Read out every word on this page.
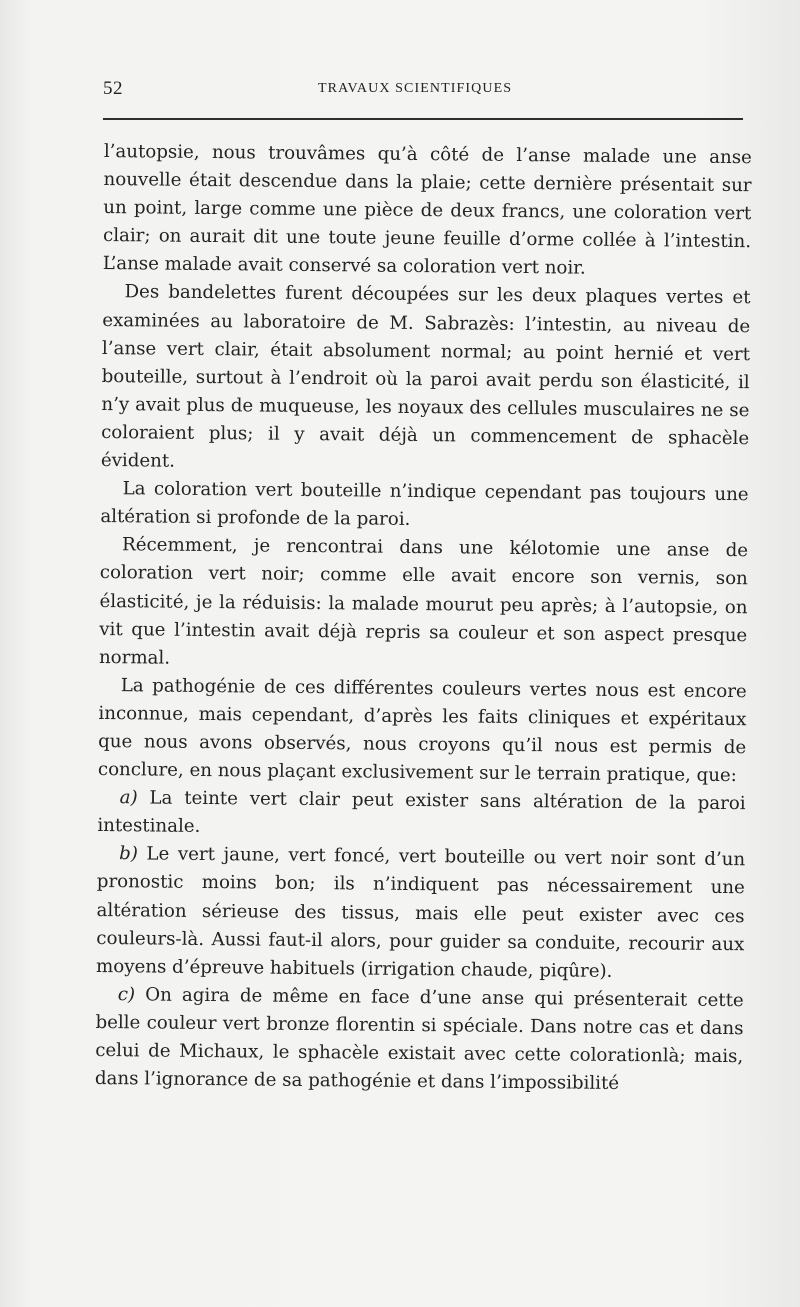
52	TRAVAUX SCIENTIFIQUES

l’autopsie, nous trouvâmes qu’à côté de l’anse malade une anse nouvelle était descendue dans la plaie; cette dernière présentait sur un point, large comme une pièce de deux francs, une coloration vert clair; on aurait dit une toute jeune feuille d’orme collée à l’intestin. L’anse malade avait conservé sa coloration vert noir.

Des bandelettes furent découpées sur les deux plaques vertes et examinées au laboratoire de M. Sabrazès: l’intestin, au niveau de l’anse vert clair, était absolument normal; au point hernié et vert bouteille, surtout à l’endroit où la paroi avait perdu son élasticité, il n’y avait plus de muqueuse, les noyaux des cellules musculaires ne se coloraient plus; il y avait déjà un commencement de sphacèle évident.

La coloration vert bouteille n’indique cependant pas toujours une altération si profonde de la paroi.

Récemment, je rencontrai dans une kélotomie une anse de coloration vert noir; comme elle avait encore son vernis, son élasticité, je la réduisis: la malade mourut peu après; à l’autopsie, on vit que l’intestin avait déjà repris sa couleur et son aspect presque normal.

La pathogénie de ces différentes couleurs vertes nous est encore inconnue, mais cependant, d’après les faits cliniques et expéritaux que nous avons observés, nous croyons qu’il nous est permis de conclure, en nous plaçant exclusivement sur le terrain pratique, que:

a) La teinte vert clair peut exister sans altération de la paroi intestinale.

b) Le vert jaune, vert foncé, vert bouteille ou vert noir sont d’un pronostic moins bon; ils n’indiquent pas nécessairement une altération sérieuse des tissus, mais elle peut exister avec ces couleurs-là. Aussi faut-il alors, pour guider sa conduite, recourir aux moyens d’épreuve habituels (irrigation chaude, piqûre).

c) On agira de même en face d’une anse qui présenterait cette belle couleur vert bronze florentin si spéciale. Dans notre cas et dans celui de Michaux, le sphacèle existait avec cette colorationlà; mais, dans l’ignorance de sa pathogénie et dans l’impossibilité
